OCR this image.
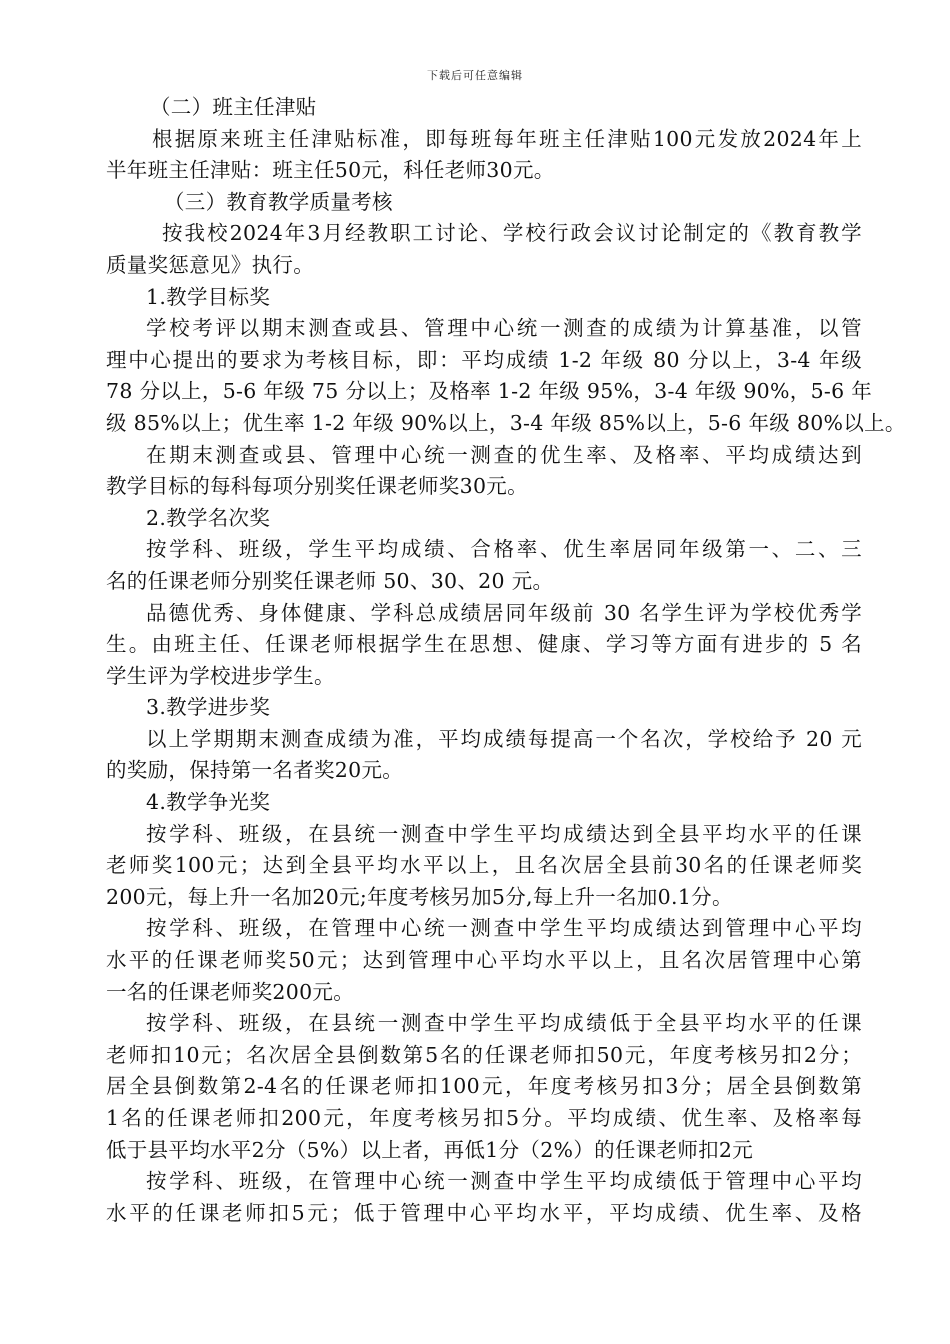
下载后可任意编辑
（二）班主任津贴
根据原来班主任津贴标准，即每班每年班主任津贴100元发放2024年上
半年班主任津贴：班主任50元，科任老师30元。
（三）教育教学质量考核
按我校2024年3月经教职工讨论、学校行政会议讨论制定的《教育教学
质量奖惩意见》执行。
1.教学目标奖
学校考评以期末测查或县、管理中心统一测查的成绩为计算基准，以管
理中心提出的要求为考核目标，即：平均成绩 1-2 年级 80 分以上，3-4 年级
78 分以上，5-6 年级 75 分以上；及格率 1-2 年级 95%，3-4 年级 90%，5-6 年
级 85%以上；优生率 1-2 年级 90%以上，3-4 年级 85%以上，5-6 年级 80%以上。
在期末测查或县、管理中心统一测查的优生率、及格率、平均成绩达到
教学目标的每科每项分别奖任课老师奖30元。
2.教学名次奖
按学科、班级，学生平均成绩、合格率、优生率居同年级第一、二、三
名的任课老师分别奖任课老师 50、30、20 元。
品德优秀、身体健康、学科总成绩居同年级前 30 名学生评为学校优秀学
生。由班主任、任课老师根据学生在思想、健康、学习等方面有进步的 5 名
学生评为学校进步学生。
3.教学进步奖
以上学期期末测查成绩为准，平均成绩每提高一个名次，学校给予 20 元
的奖励，保持第一名者奖20元。
4.教学争光奖
按学科、班级，在县统一测查中学生平均成绩达到全县平均水平的任课
老师奖100元；达到全县平均水平以上，且名次居全县前30名的任课老师奖
200元，每上升一名加20元;年度考核另加5分,每上升一名加0.1分。
按学科、班级，在管理中心统一测查中学生平均成绩达到管理中心平均
水平的任课老师奖50元；达到管理中心平均水平以上，且名次居管理中心第
一名的任课老师奖200元。
按学科、班级，在县统一测查中学生平均成绩低于全县平均水平的任课
老师扣10元；名次居全县倒数第5名的任课老师扣50元，年度考核另扣2分；
居全县倒数第2-4名的任课老师扣100元，年度考核另扣3分；居全县倒数第
1名的任课老师扣200元，年度考核另扣5分。平均成绩、优生率、及格率每
低于县平均水平2分（5%）以上者，再低1分（2%）的任课老师扣2元
按学科、班级，在管理中心统一测查中学生平均成绩低于管理中心平均
水平的任课老师扣5元；低于管理中心平均水平，平均成绩、优生率、及格
